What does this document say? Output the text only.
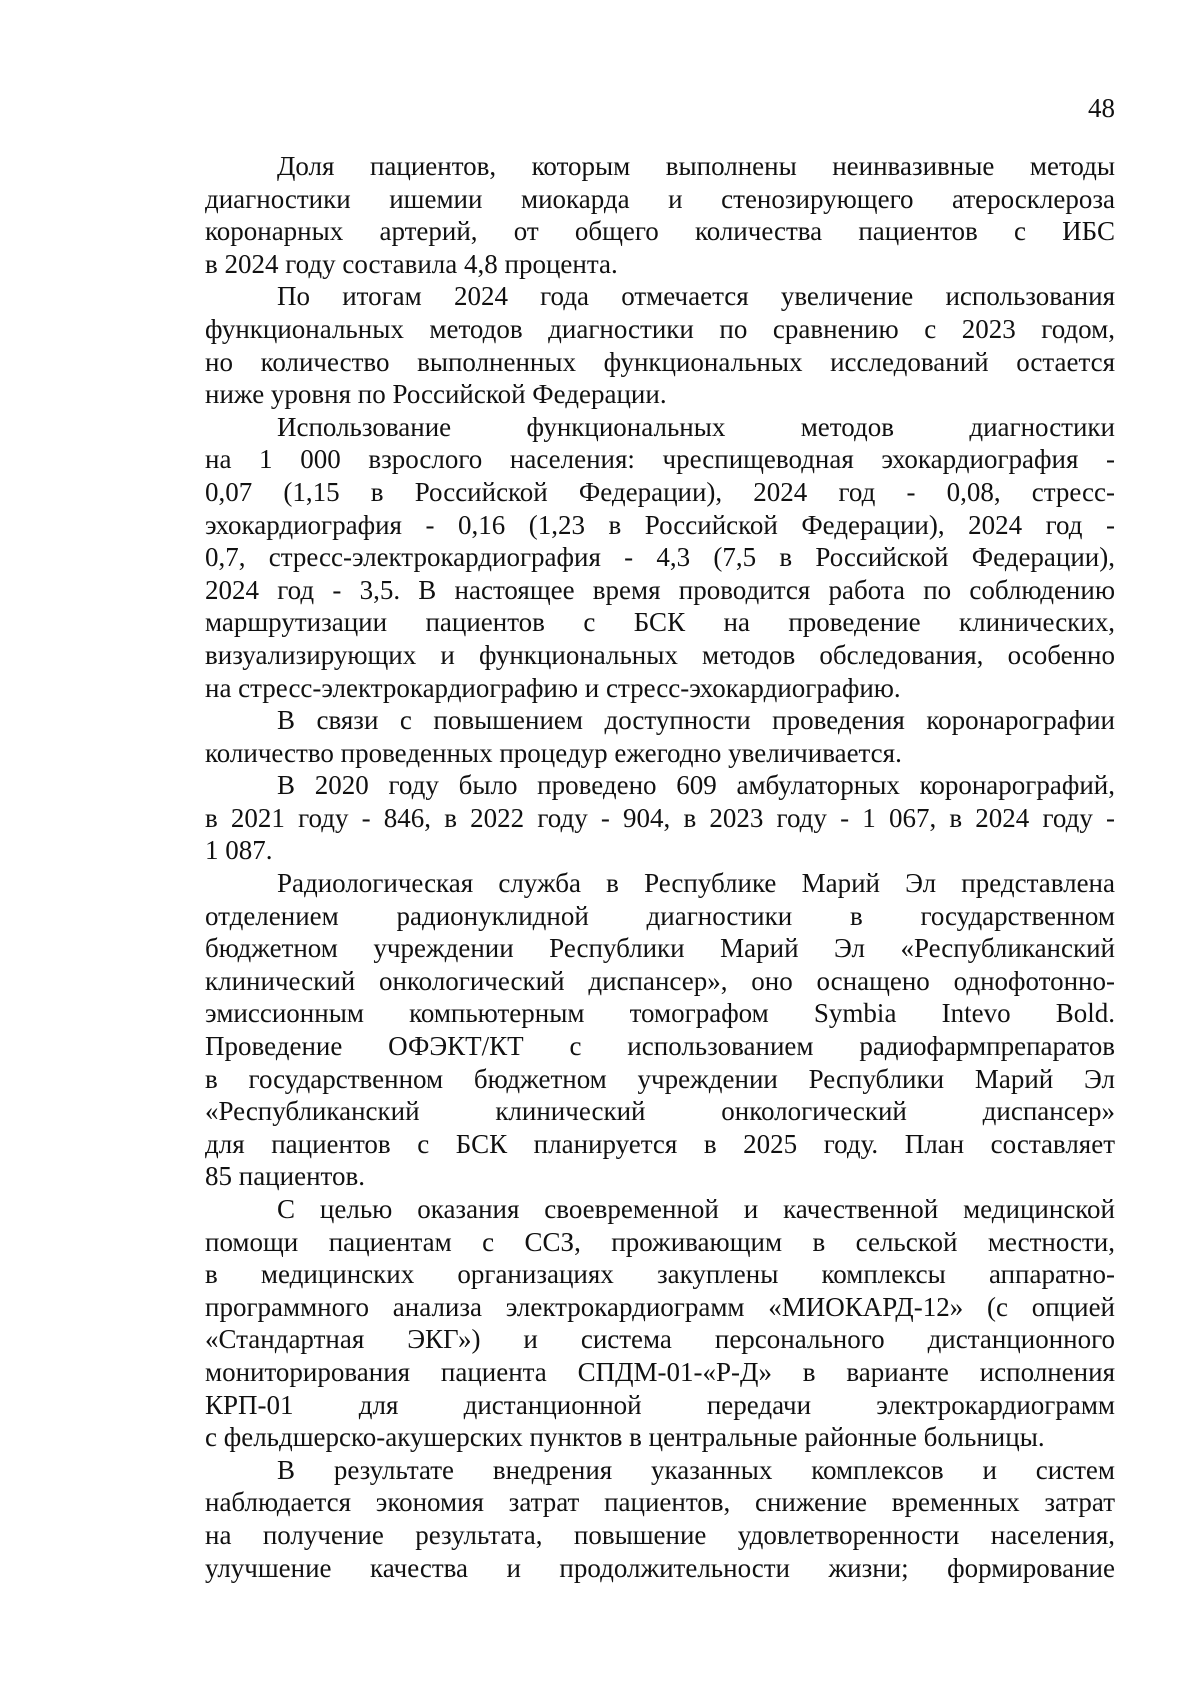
48
Доля пациентов, которым выполнены неинвазивные методы
диагностики ишемии миокарда и стенозирующего атеросклероза
коронарных артерий, от общего количества пациентов с ИБС
в 2024 году составила 4,8 процента.
По итогам 2024 года отмечается увеличение использования
функциональных методов диагностики по сравнению с 2023 годом,
но количество выполненных функциональных исследований остается
ниже уровня по Российской Федерации.
Использование функциональных методов диагностики
на 1 000 взрослого населения: чреспищеводная эхокардиография -
0,07 (1,15 в Российской Федерации), 2024 год - 0,08, стресс-
эхокардиография - 0,16 (1,23 в Российской Федерации), 2024 год -
0,7, стресс-электрокардиография - 4,3 (7,5 в Российской Федерации),
2024 год - 3,5. В настоящее время проводится работа по соблюдению
маршрутизации пациентов с БСК на проведение клинических,
визуализирующих и функциональных методов обследования, особенно
на стресс-электрокардиографию и стресс-эхокардиографию.
В связи с повышением доступности проведения коронарографии
количество проведенных процедур ежегодно увеличивается.
В 2020 году было проведено 609 амбулаторных коронарографий,
в 2021 году - 846, в 2022 году - 904, в 2023 году - 1 067, в 2024 году -
1 087.
Радиологическая служба в Республике Марий Эл представлена
отделением радионуклидной диагностики в государственном
бюджетном учреждении Республики Марий Эл «Республиканский
клинический онкологический диспансер», оно оснащено однофотонно-
эмиссионным компьютерным томографом Symbia Intevo Bold.
Проведение ОФЭКТ/КТ с использованием радиофармпрепаратов
в государственном бюджетном учреждении Республики Марий Эл
«Республиканский клинический онкологический диспансер»
для пациентов с БСК планируется в 2025 году. План составляет
85 пациентов.
С целью оказания своевременной и качественной медицинской
помощи пациентам с ССЗ, проживающим в сельской местности,
в медицинских организациях закуплены комплексы аппаратно-
программного анализа электрокардиограмм «МИОКАРД-12» (с опцией
«Стандартная ЭКГ») и система персонального дистанционного
мониторирования пациента СПДМ-01-«Р-Д» в варианте исполнения
КРП-01 для дистанционной передачи электрокардиограмм
с фельдшерско-акушерских пунктов в центральные районные больницы.
В результате внедрения указанных комплексов и систем
наблюдается экономия затрат пациентов, снижение временных затрат
на получение результата, повышение удовлетворенности населения,
улучшение качества и продолжительности жизни; формирование
